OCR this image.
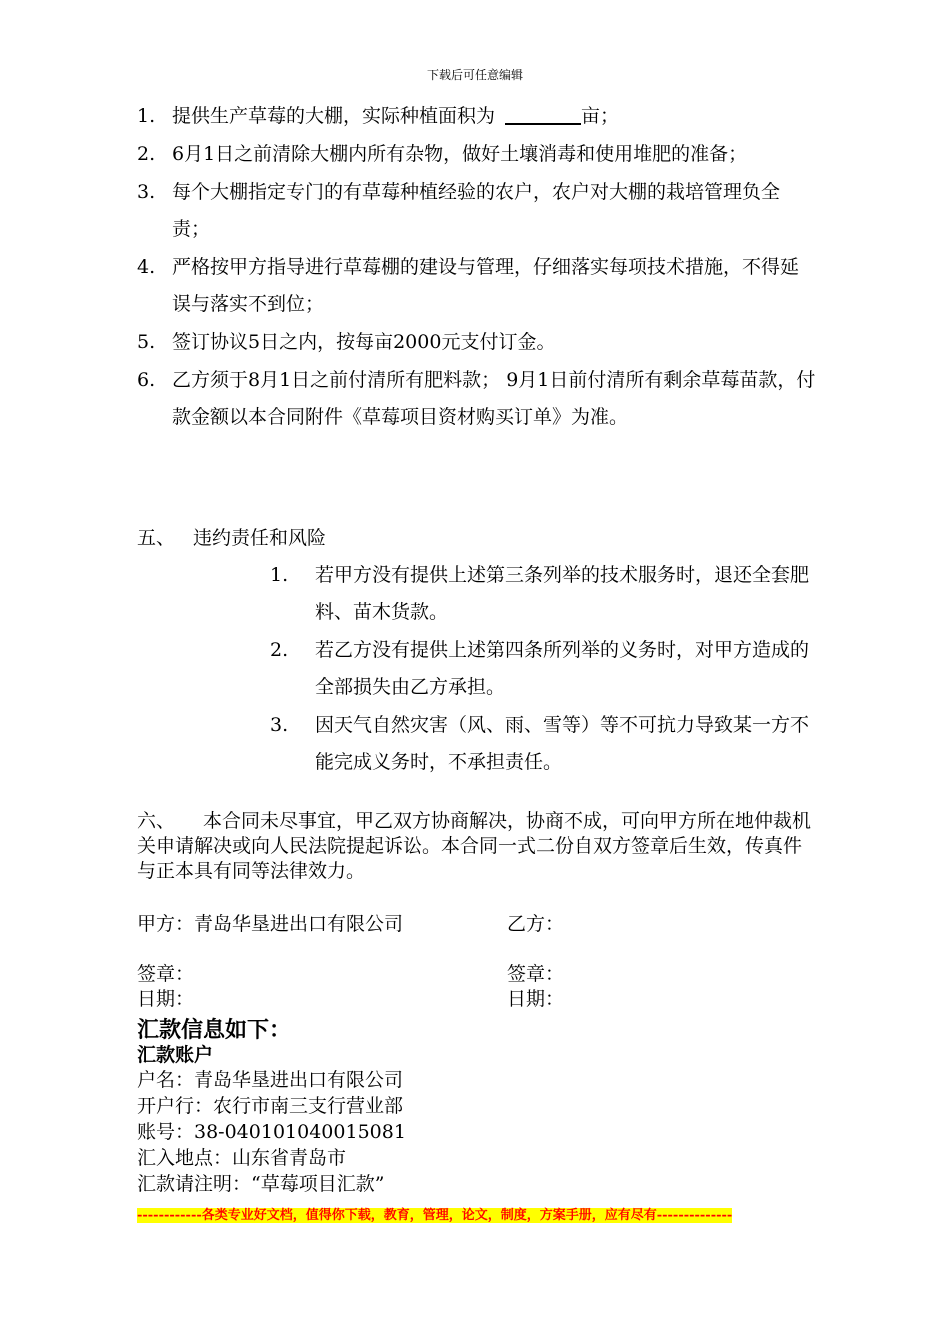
下载后可任意编辑
1. 提供生产草莓的大棚，实际种植面积为	亩；
2. 6月1日之前清除大棚内所有杂物，做好土壤消毒和使用堆肥的准备；
3. 每个大棚指定专门的有草莓种植经验的农户，农户对大棚的栽培管理负全责；
4. 严格按甲方指导进行草莓棚的建设与管理，仔细落实每项技术措施，不得延误与落实不到位；
5. 签订协议5日之内，按每亩2000元支付订金。
6. 乙方须于8月1日之前付清所有肥料款； 9月1日前付清所有剩余草莓苗款，付款金额以本合同附件《草莓项目资材购买订单》为准。
五、 违约责任和风险
1.	若甲方没有提供上述第三条列举的技术服务时，退还全套肥料、苗木货款。
2.	若乙方没有提供上述第四条所列举的义务时，对甲方造成的全部损失由乙方承担。
3.	因天气自然灾害（风、雨、雪等）等不可抗力导致某一方不能完成义务时，不承担责任。
六、 本合同未尽事宜，甲乙双方协商解决，协商不成，可向甲方所在地仲裁机关申请解决或向人民法院提起诉讼。本合同一式二份自双方签章后生效，传真件与正本具有同等法律效力。
甲方：青岛华垦进出口有限公司	乙方：
签章：	签章：
日期：	日期：
汇款信息如下：
汇款账户
户名：青岛华垦进出口有限公司
开户行：农行市南三支行营业部
账号：38-040101040015081
汇入地点：山东省青岛市
汇款请注明：“草莓项目汇款”
------------各类专业好文档，值得你下载，教育，管理，论文，制度，方案手册，应有尽有--------------
